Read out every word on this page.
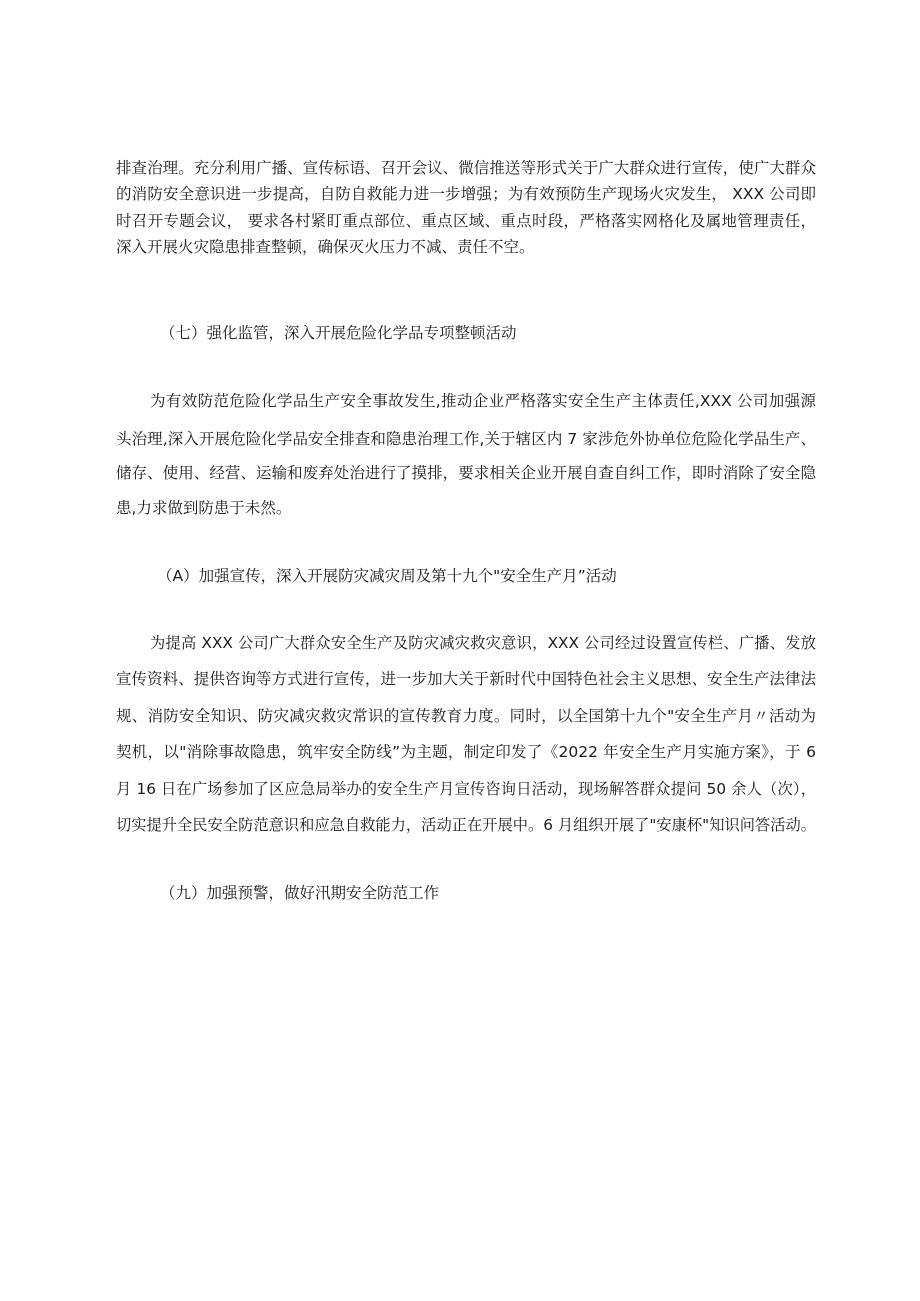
排查治理。充分利用广播、宣传标语、召开会议、微信推送等形式关于广大群众进行宣传，使广大群众

的消防安全意识进一步提高，自防自救能力进一步增强；为有效预防生产现场火灾发生， XXX 公司即

时召开专题会议， 要求各村紧盯重点部位、重点区域、重点时段，严格落实网格化及属地管理责任，

深入开展火灾隐患排查整顿，确保灭火压力不减、责任不空。

（七）强化监管，深入开展危险化学品专项整顿活动

为有效防范危险化学品生产安全事故发生,推动企业严格落实安全生产主体责任,XXX 公司加强源

头治理,深入开展危险化学品安全排查和隐患治理工作,关于辖区内 7 家涉危外协单位危险化学品生产、

储存、使用、经营、运输和废弃处治进行了摸排，要求相关企业开展自查自纠工作，即时消除了安全隐

患,力求做到防患于未然。

（A）加强宣传，深入开展防灾减灾周及第十九个"安全生产月”活动

为提高 XXX 公司广大群众安全生产及防灾减灾救灾意识，XXX 公司经过设置宣传栏、广播、发放

宣传资料、提供咨询等方式进行宣传，进一步加大关于新时代中国特色社会主义思想、安全生产法律法

规、消防安全知识、防灾减灾救灾常识的宣传教育力度。同时，以全国第十九个"安全生产月〃活动为

契机，以"消除事故隐患，筑牢安全防线”为主题，制定印发了《2022 年安全生产月实施方案》，于 6

月 16 日在广场参加了区应急局举办的安全生产月宣传咨询日活动，现场解答群众提问 50 余人（次），

切实提升全民安全防范意识和应急自救能力，活动正在开展中。6 月组织开展了"安康杯"知识问答活动。

（九）加强预警，做好汛期安全防范工作
